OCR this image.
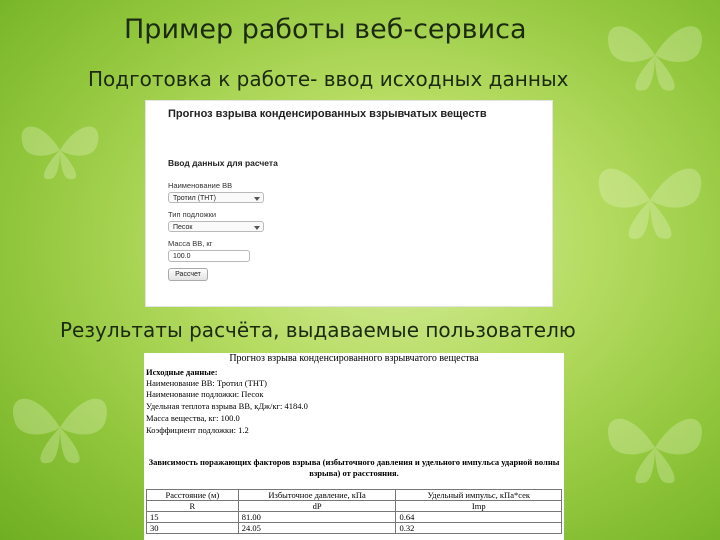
Пример работы веб-сервиса

Подготовка к работе- ввод исходных данных

Прогноз взрыва конденсированных взрывчатых веществ
Ввод данных для расчета
Наименование ВВ
Тротил (ТНТ)
Тип подложки
Песок
Масса ВВ, кг
100.0
Рассчет

Результаты расчёта, выдаваемые пользователю

Прогноз взрыва конденсированного взрывчатого вещества
Исходные данные:
Наименование ВВ: Тротил (ТНТ)
Наименование подложки: Песок
Удельная теплота взрыва ВВ, кДж/кг: 4184.0
Масса вещества, кг: 100.0
Коэффициент подложки: 1.2
Зависимость поражающих факторов взрыва (избыточного давления и удельного импульса ударной волны взрыва) от расстояния.
Расстояние (м)	Избыточное давление, кПа	Удельный импульс, кПа*сек
R	dP	Imp
15	81.00	0.64
30	24.05	0.32
